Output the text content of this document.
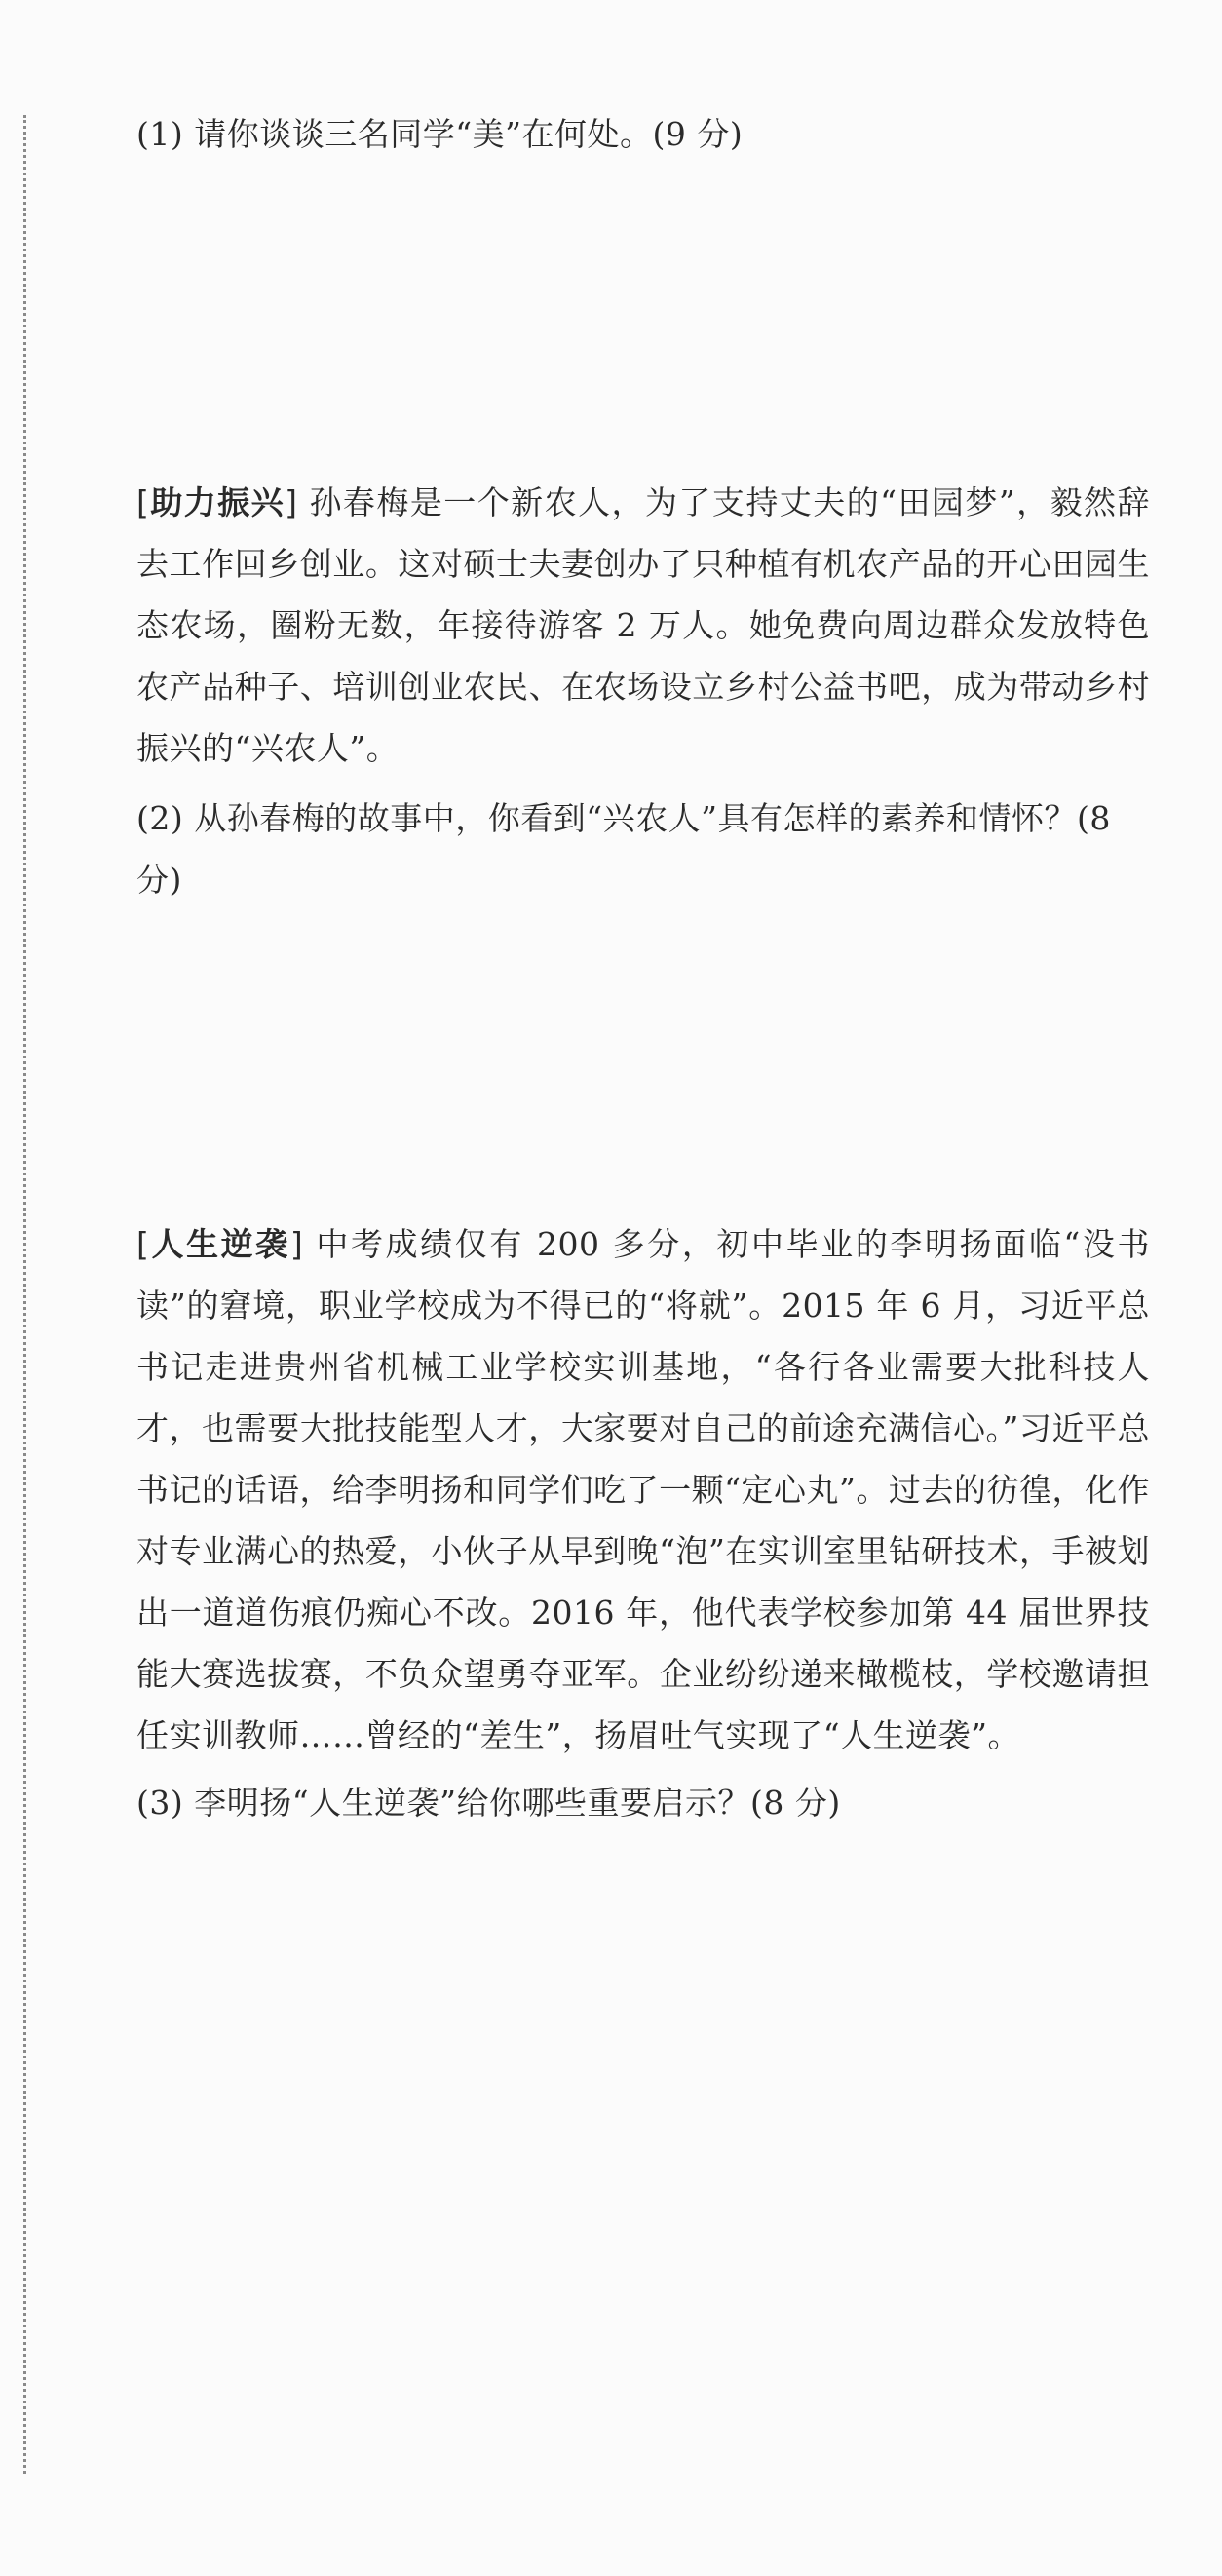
(1) 请你谈谈三名同学“美”在何处。(9 分)
[助力振兴] 孙春梅是一个新农人，为了支持丈夫的“田园梦”，毅然辞去工作回乡创业。这对硕士夫妻创办了只种植有机农产品的开心田园生态农场，圈粉无数，年接待游客 2 万人。她免费向周边群众发放特色农产品种子、培训创业农民、在农场设立乡村公益书吧，成为带动乡村振兴的“兴农人”。
(2) 从孙春梅的故事中，你看到“兴农人”具有怎样的素养和情怀？(8 分)
[人生逆袭] 中考成绩仅有 200 多分，初中毕业的李明扬面临“没书读”的窘境，职业学校成为不得已的“将就”。2015 年 6 月，习近平总书记走进贵州省机械工业学校实训基地，“各行各业需要大批科技人才，也需要大批技能型人才，大家要对自己的前途充满信心。”习近平总书记的话语，给李明扬和同学们吃了一颗“定心丸”。过去的彷徨，化作对专业满心的热爱，小伙子从早到晚“泡”在实训室里钻研技术，手被划出一道道伤痕仍痴心不改。2016 年，他代表学校参加第 44 届世界技能大赛选拔赛，不负众望勇夺亚军。企业纷纷递来橄榄枝，学校邀请担任实训教师……曾经的“差生”，扬眉吐气实现了“人生逆袭”。
(3) 李明扬“人生逆袭”给你哪些重要启示？(8 分)
